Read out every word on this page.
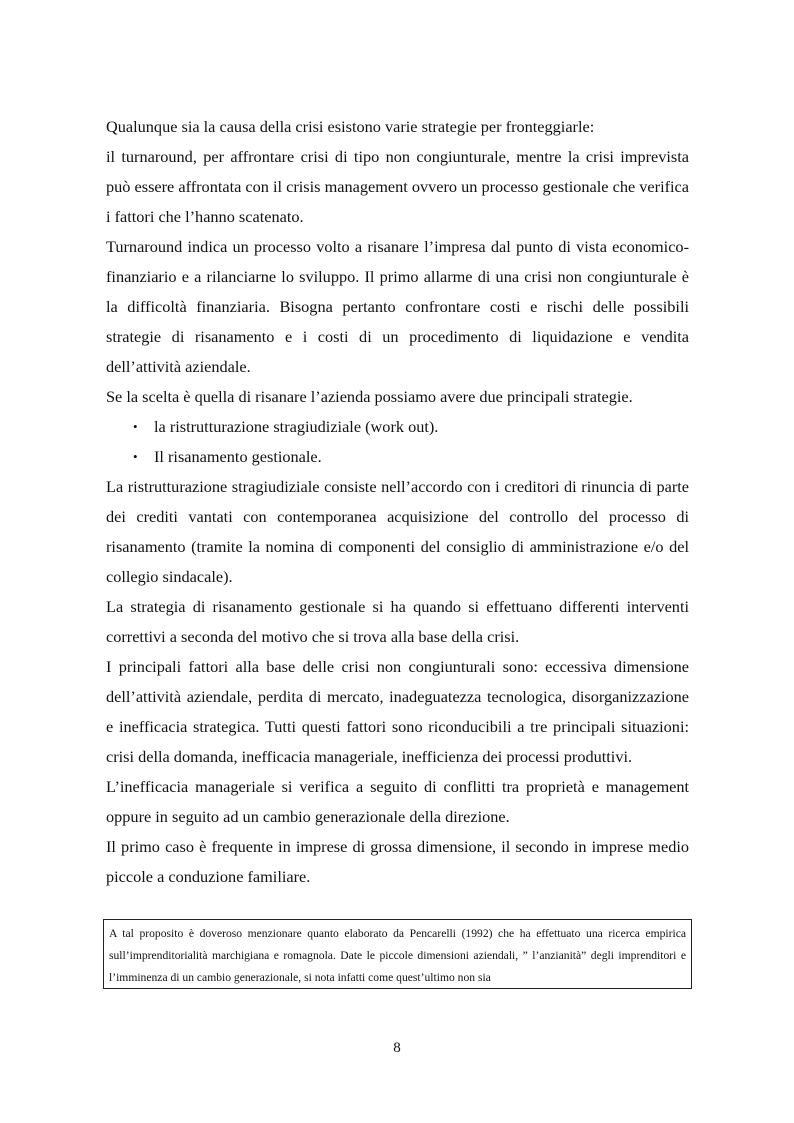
Qualunque sia la causa della crisi esistono varie strategie per fronteggiarle:

il turnaround, per affrontare crisi di tipo non congiunturale, mentre la crisi imprevista può essere affrontata con il crisis management ovvero un processo gestionale che verifica i fattori che l’hanno scatenato.

Turnaround indica un processo volto a risanare l’impresa dal punto di vista economico-finanziario e a rilanciarne lo sviluppo. Il primo allarme di una crisi non congiunturale è la difficoltà finanziaria. Bisogna pertanto confrontare costi e rischi delle possibili strategie di risanamento e i costi di un procedimento di liquidazione e vendita dell’attività aziendale.

Se la scelta è quella di risanare l’azienda possiamo avere due principali strategie.

• la ristrutturazione stragiudiziale (work out).
• Il risanamento gestionale.

La ristrutturazione stragiudiziale consiste nell’accordo con i creditori di rinuncia di parte dei crediti vantati con contemporanea acquisizione del controllo del processo di risanamento (tramite la nomina di componenti del consiglio di amministrazione e/o del collegio sindacale).

La strategia di risanamento gestionale si ha quando si effettuano differenti interventi correttivi a seconda del motivo che si trova alla base della crisi.

I principali fattori alla base delle crisi non congiunturali sono: eccessiva dimensione dell’attività aziendale, perdita di mercato, inadeguatezza tecnologica, disorganizzazione e inefficacia strategica. Tutti questi fattori sono riconducibili a tre principali situazioni: crisi della domanda, inefficacia manageriale, inefficienza dei processi produttivi.

L’inefficacia manageriale si verifica a seguito di conflitti tra proprietà e management oppure in seguito ad un cambio generazionale della direzione.

Il primo caso è frequente in imprese di grossa dimensione, il secondo in imprese medio piccole a conduzione familiare.

A tal proposito è doveroso menzionare quanto elaborato da Pencarelli (1992) che ha effettuato una ricerca empirica sull’imprenditorialità marchigiana e romagnola. Date le piccole dimensioni aziendali, ” l’anzianità” degli imprenditori e l’imminenza di un cambio generazionale, si nota infatti come quest’ultimo non sia
8
